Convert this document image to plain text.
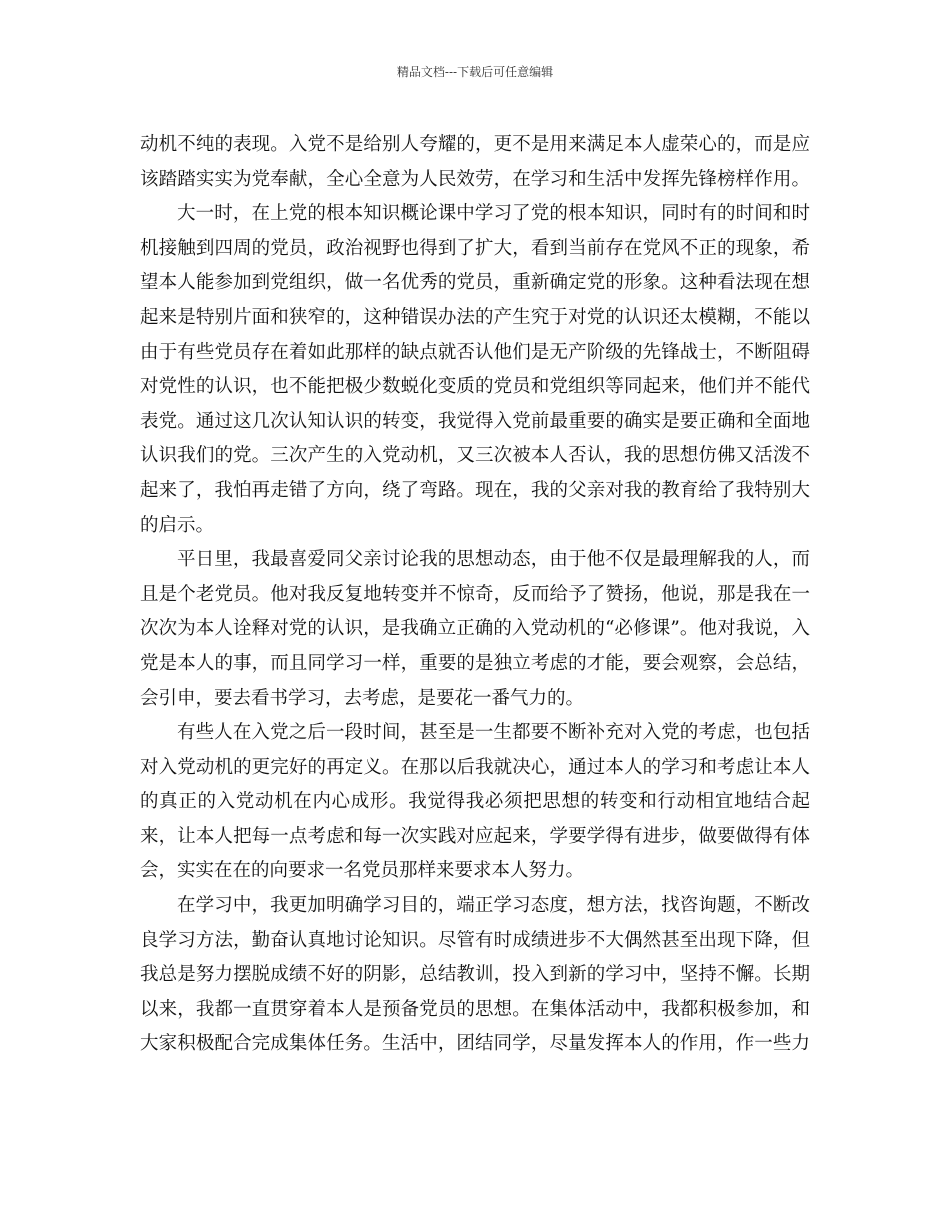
精品文档---下载后可任意编辑
动机不纯的表现。入党不是给别人夸耀的，更不是用来满足本人虚荣心的，而是应
该踏踏实实为党奉献，全心全意为人民效劳，在学习和生活中发挥先锋榜样作用。
大一时，在上党的根本知识概论课中学习了党的根本知识，同时有的时间和时
机接触到四周的党员，政治视野也得到了扩大，看到当前存在党风不正的现象，希
望本人能参加到党组织，做一名优秀的党员，重新确定党的形象。这种看法现在想
起来是特别片面和狭窄的，这种错误办法的产生究于对党的认识还太模糊，不能以
由于有些党员存在着如此那样的缺点就否认他们是无产阶级的先锋战士，不断阻碍
对党性的认识，也不能把极少数蜕化变质的党员和党组织等同起来，他们并不能代
表党。通过这几次认知认识的转变，我觉得入党前最重要的确实是要正确和全面地
认识我们的党。三次产生的入党动机，又三次被本人否认，我的思想仿佛又活泼不
起来了，我怕再走错了方向，绕了弯路。现在，我的父亲对我的教育给了我特别大
的启示。
平日里，我最喜爱同父亲讨论我的思想动态，由于他不仅是最理解我的人，而
且是个老党员。他对我反复地转变并不惊奇，反而给予了赞扬，他说，那是我在一
次次为本人诠释对党的认识，是我确立正确的入党动机的“必修课”。他对我说，入
党是本人的事，而且同学习一样，重要的是独立考虑的才能，要会观察，会总结，
会引申，要去看书学习，去考虑，是要花一番气力的。
有些人在入党之后一段时间，甚至是一生都要不断补充对入党的考虑，也包括
对入党动机的更完好的再定义。在那以后我就决心，通过本人的学习和考虑让本人
的真正的入党动机在内心成形。我觉得我必须把思想的转变和行动相宜地结合起
来，让本人把每一点考虑和每一次实践对应起来，学要学得有进步，做要做得有体
会，实实在在的向要求一名党员那样来要求本人努力。
在学习中，我更加明确学习目的，端正学习态度，想方法，找咨询题，不断改
良学习方法，勤奋认真地讨论知识。尽管有时成绩进步不大偶然甚至出现下降，但
我总是努力摆脱成绩不好的阴影，总结教训，投入到新的学习中，坚持不懈。长期
以来，我都一直贯穿着本人是预备党员的思想。在集体活动中，我都积极参加，和
大家积极配合完成集体任务。生活中，团结同学，尽量发挥本人的作用，作一些力
